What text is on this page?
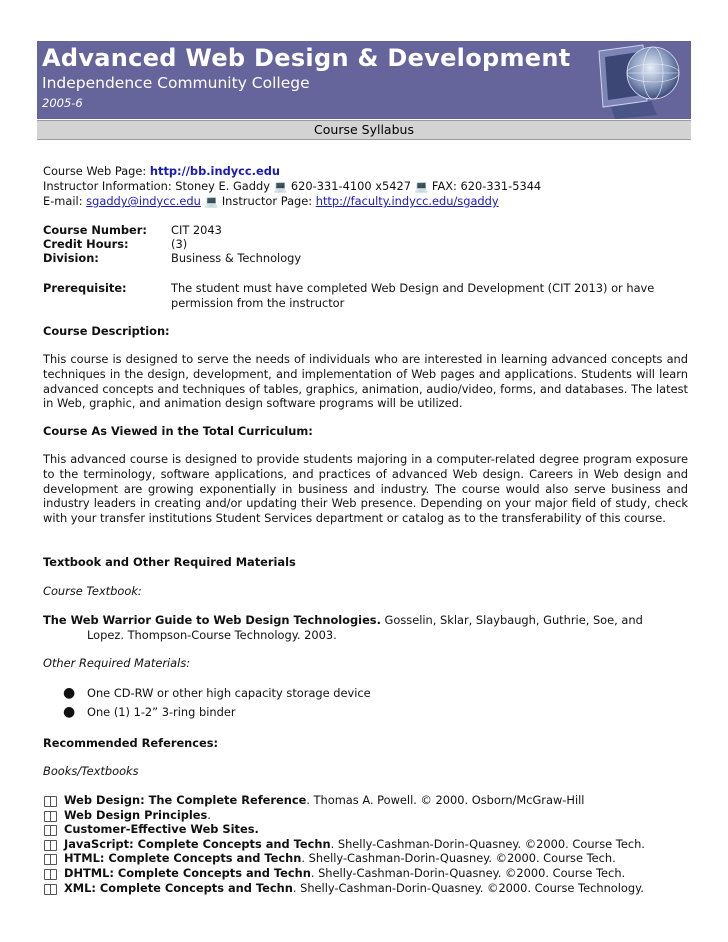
Advanced Web Design & Development
Independence Community College
2005-6
Course Syllabus
Course Web Page: http://bb.indycc.edu
Instructor Information: Stoney E. Gaddy 💻 620-331-4100 x5427 💻 FAX: 620-331-5344
E-mail: sgaddy@indycc.edu 💻 Instructor Page: http://faculty.indycc.edu/sgaddy
Course Number: CIT 2043
Credit Hours:	(3)
Division:	Business & Technology
Prerequisite:	The student must have completed Web Design and Development (CIT 2013) or have
permission from the instructor
Course Description:
This course is designed to serve the needs of individuals who are interested in learning advanced concepts and techniques in the design, development, and implementation of Web pages and applications. Students will learn advanced concepts and techniques of tables, graphics, animation, audio/video, forms, and databases. The latest in Web, graphic, and animation design software programs will be utilized.
Course As Viewed in the Total Curriculum:
This advanced course is designed to provide students majoring in a computer-related degree program exposure to the terminology, software applications, and practices of advanced Web design. Careers in Web design and development are growing exponentially in business and industry. The course would also serve business and industry leaders in creating and/or updating their Web presence. Depending on your major field of study, check with your transfer institutions Student Services department or catalog as to the transferability of this course.
Textbook and Other Required Materials
Course Textbook:
The Web Warrior Guide to Web Design Technologies. Gosselin, Sklar, Slaybaugh, Guthrie, Soe, and
Lopez. Thompson-Course Technology. 2003.
Other Required Materials:
● One CD-RW or other high capacity storage device
● One (1) 1-2” 3-ring binder
Recommended References:
Books/Textbooks
Web Design: The Complete Reference. Thomas A. Powell. © 2000. Osborn/McGraw-Hill
Web Design Principles.
Customer-Effective Web Sites.
JavaScript: Complete Concepts and Techn. Shelly-Cashman-Dorin-Quasney. ©2000. Course Tech.
HTML: Complete Concepts and Techn. Shelly-Cashman-Dorin-Quasney. ©2000. Course Tech.
DHTML: Complete Concepts and Techn. Shelly-Cashman-Dorin-Quasney. ©2000. Course Tech.
XML: Complete Concepts and Techn. Shelly-Cashman-Dorin-Quasney. ©2000. Course Technology.
